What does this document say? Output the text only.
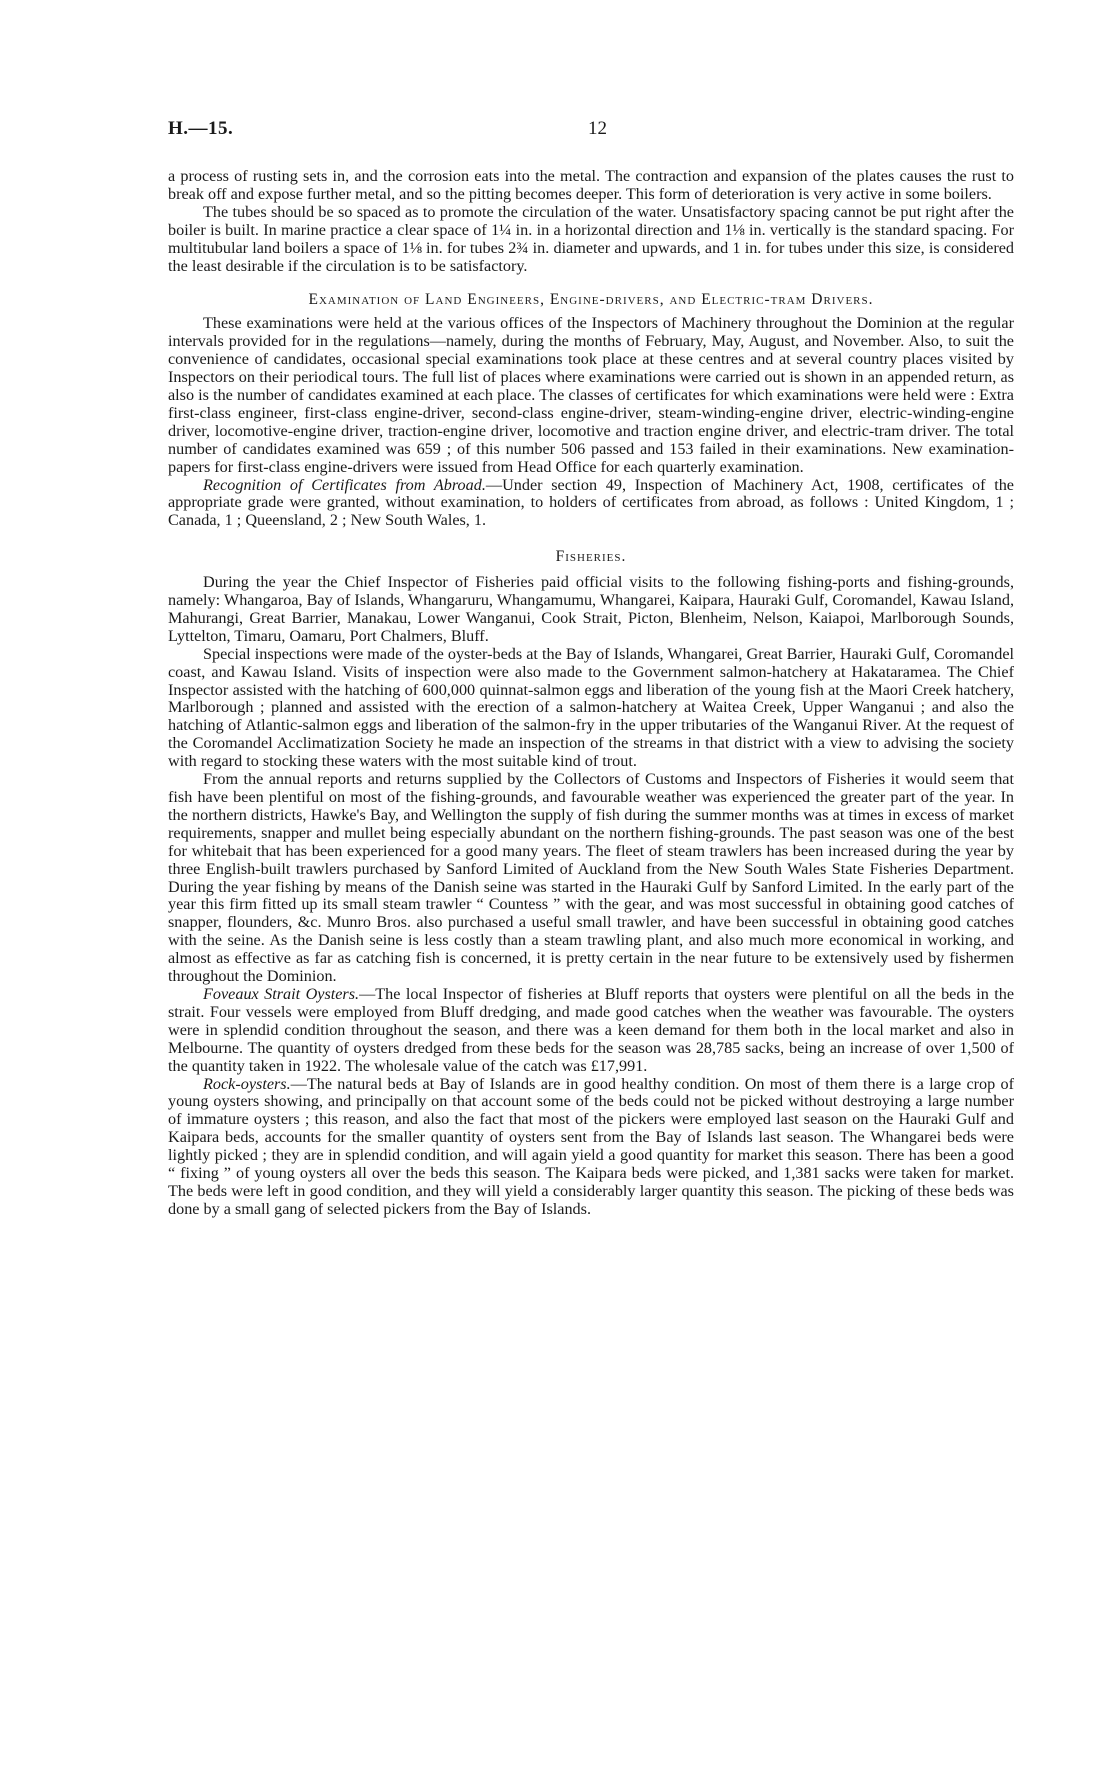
H.—15.	12

a process of rusting sets in, and the corrosion eats into the metal. The contraction and expansion of the plates causes the rust to break off and expose further metal, and so the pitting becomes deeper. This form of deterioration is very active in some boilers.

The tubes should be so spaced as to promote the circulation of the water. Unsatisfactory spacing cannot be put right after the boiler is built. In marine practice a clear space of 1¼ in. in a horizontal direction and 1⅛ in. vertically is the standard spacing. For multitubular land boilers a space of 1⅛ in. for tubes 2¾ in. diameter and upwards, and 1 in. for tubes under this size, is considered the least desirable if the circulation is to be satisfactory.

Examination of Land Engineers, Engine-drivers, and Electric-tram Drivers.

These examinations were held at the various offices of the Inspectors of Machinery throughout the Dominion at the regular intervals provided for in the regulations—namely, during the months of February, May, August, and November. Also, to suit the convenience of candidates, occasional special examinations took place at these centres and at several country places visited by Inspectors on their periodical tours. The full list of places where examinations were carried out is shown in an appended return, as also is the number of candidates examined at each place. The classes of certificates for which examinations were held were : Extra first-class engineer, first-class engine-driver, second-class engine-driver, steam-winding-engine driver, electric-winding-engine driver, locomotive-engine driver, traction-engine driver, locomotive and traction engine driver, and electric-tram driver. The total number of candidates examined was 659 ; of this number 506 passed and 153 failed in their examinations. New examination-papers for first-class engine-drivers were issued from Head Office for each quarterly examination.

Recognition of Certificates from Abroad.—Under section 49, Inspection of Machinery Act, 1908, certificates of the appropriate grade were granted, without examination, to holders of certificates from abroad, as follows : United Kingdom, 1 ; Canada, 1 ; Queensland, 2 ; New South Wales, 1.

Fisheries.

During the year the Chief Inspector of Fisheries paid official visits to the following fishing-ports and fishing-grounds, namely: Whangaroa, Bay of Islands, Whangaruru, Whangamumu, Whangarei, Kaipara, Hauraki Gulf, Coromandel, Kawau Island, Mahurangi, Great Barrier, Manakau, Lower Wanganui, Cook Strait, Picton, Blenheim, Nelson, Kaiapoi, Marlborough Sounds, Lyttelton, Timaru, Oamaru, Port Chalmers, Bluff.

Special inspections were made of the oyster-beds at the Bay of Islands, Whangarei, Great Barrier, Hauraki Gulf, Coromandel coast, and Kawau Island. Visits of inspection were also made to the Government salmon-hatchery at Hakataramea. The Chief Inspector assisted with the hatching of 600,000 quinnat-salmon eggs and liberation of the young fish at the Maori Creek hatchery, Marlborough ; planned and assisted with the erection of a salmon-hatchery at Waitea Creek, Upper Wanganui ; and also the hatching of Atlantic-salmon eggs and liberation of the salmon-fry in the upper tributaries of the Wanganui River. At the request of the Coromandel Acclimatization Society he made an inspection of the streams in that district with a view to advising the society with regard to stocking these waters with the most suitable kind of trout.

From the annual reports and returns supplied by the Collectors of Customs and Inspectors of Fisheries it would seem that fish have been plentiful on most of the fishing-grounds, and favourable weather was experienced the greater part of the year. In the northern districts, Hawke's Bay, and Wellington the supply of fish during the summer months was at times in excess of market requirements, snapper and mullet being especially abundant on the northern fishing-grounds. The past season was one of the best for whitebait that has been experienced for a good many years. The fleet of steam trawlers has been increased during the year by three English-built trawlers purchased by Sanford Limited of Auckland from the New South Wales State Fisheries Department. During the year fishing by means of the Danish seine was started in the Hauraki Gulf by Sanford Limited. In the early part of the year this firm fitted up its small steam trawler “ Countess ” with the gear, and was most successful in obtaining good catches of snapper, flounders, &c. Munro Bros. also purchased a useful small trawler, and have been successful in obtaining good catches with the seine. As the Danish seine is less costly than a steam trawling plant, and also much more economical in working, and almost as effective as far as catching fish is concerned, it is pretty certain in the near future to be extensively used by fishermen throughout the Dominion.

Foveaux Strait Oysters.—The local Inspector of fisheries at Bluff reports that oysters were plentiful on all the beds in the strait. Four vessels were employed from Bluff dredging, and made good catches when the weather was favourable. The oysters were in splendid condition throughout the season, and there was a keen demand for them both in the local market and also in Melbourne. The quantity of oysters dredged from these beds for the season was 28,785 sacks, being an increase of over 1,500 of the quantity taken in 1922. The wholesale value of the catch was £17,991.

Rock-oysters.—The natural beds at Bay of Islands are in good healthy condition. On most of them there is a large crop of young oysters showing, and principally on that account some of the beds could not be picked without destroying a large number of immature oysters ; this reason, and also the fact that most of the pickers were employed last season on the Hauraki Gulf and Kaipara beds, accounts for the smaller quantity of oysters sent from the Bay of Islands last season. The Whangarei beds were lightly picked ; they are in splendid condition, and will again yield a good quantity for market this season. There has been a good “ fixing ” of young oysters all over the beds this season. The Kaipara beds were picked, and 1,381 sacks were taken for market. The beds were left in good condition, and they will yield a considerably larger quantity this season. The picking of these beds was done by a small gang of selected pickers from the Bay of Islands.
